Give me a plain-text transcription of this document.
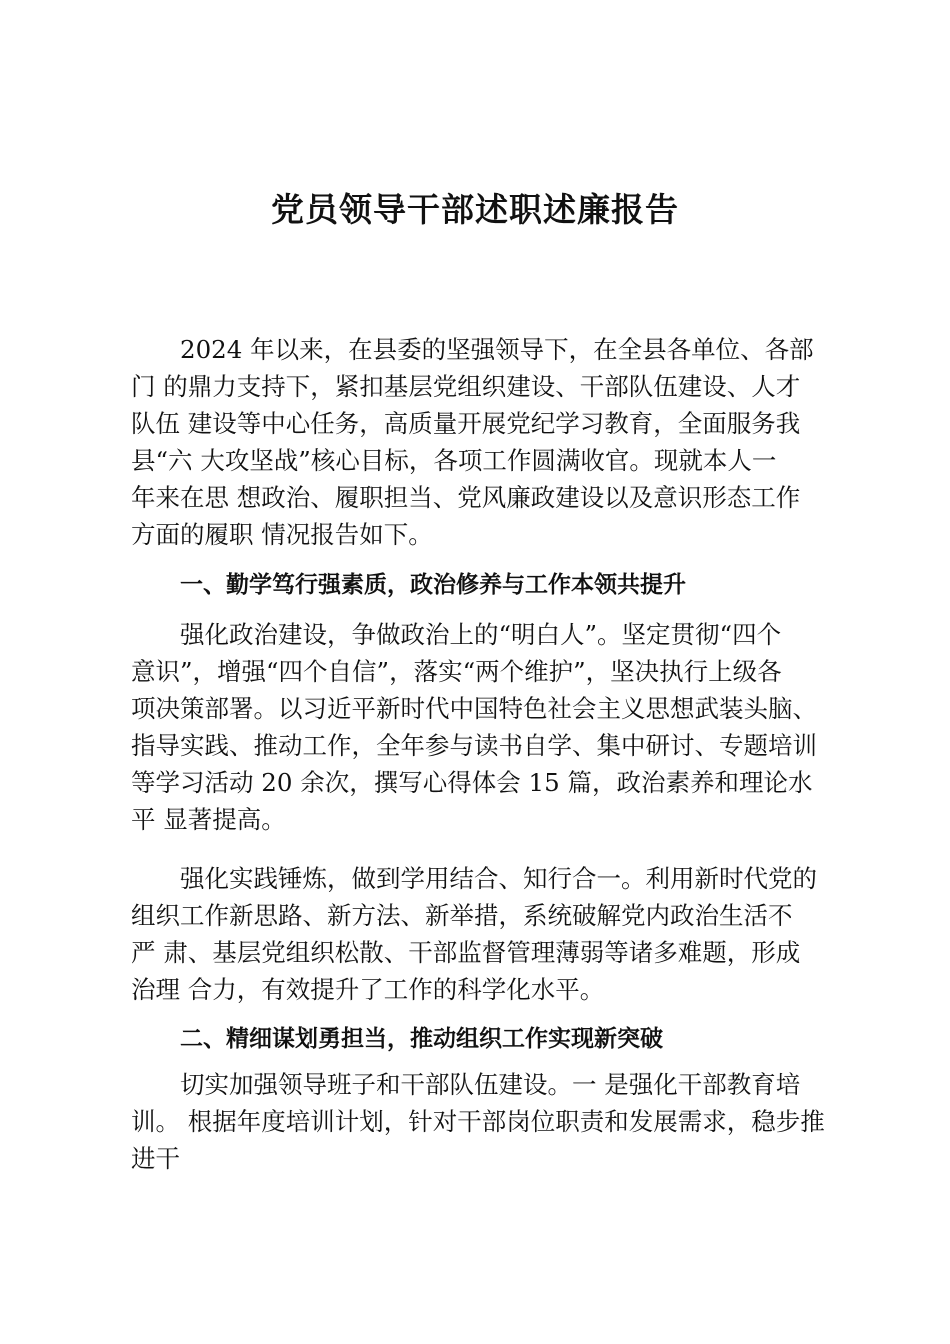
党员领导干部述职述廉报告
2024 年以来，在县委的坚强领导下，在全县各单位、各部
门 的鼎力支持下，紧扣基层党组织建设、干部队伍建设、人才
队伍 建设等中心任务，高质量开展党纪学习教育，全面服务我
县“六 大攻坚战”核心目标，各项工作圆满收官。现就本人一
年来在思 想政治、履职担当、党风廉政建设以及意识形态工作
方面的履职 情况报告如下。
一、勤学笃行强素质，政治修养与工作本领共提升
强化政治建设，争做政治上的“明白人”。坚定贯彻“四个
意识”，增强“四个自信”，落实“两个维护”，坚决执行上级各
项决策部署。以习近平新时代中国特色社会主义思想武装头脑、
指导实践、推动工作，全年参与读书自学、集中研讨、专题培训
等学习活动 20 余次，撰写心得体会 15 篇，政治素养和理论水
平 显著提高。
强化实践锤炼，做到学用结合、知行合一。利用新时代党的
组织工作新思路、新方法、新举措，系统破解党内政治生活不
严 肃、基层党组织松散、干部监督管理薄弱等诸多难题，形成
治理 合力，有效提升了工作的科学化水平。
二、精细谋划勇担当，推动组织工作实现新突破
切实加强领导班子和干部队伍建设。一 是强化干部教育培
训。 根据年度培训计划，针对干部岗位职责和发展需求，稳步推
进干
